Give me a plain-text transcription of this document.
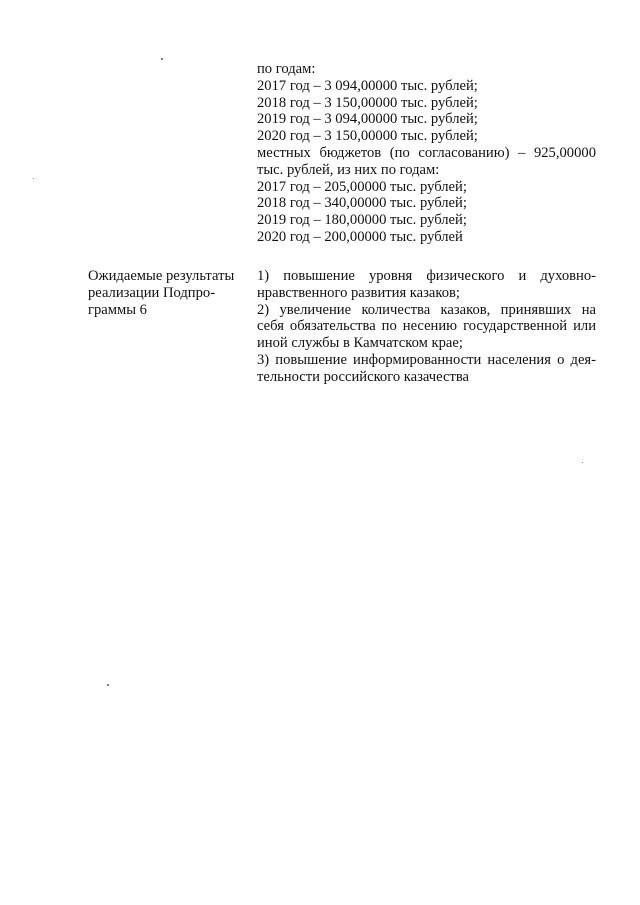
по годам:
2017 год – 3 094,00000 тыс. рублей;
2018 год – 3 150,00000 тыс. рублей;
2019 год – 3 094,00000 тыс. рублей;
2020 год – 3 150,00000 тыс. рублей;
местных бюджетов (по согласованию) – 925,00000
тыс. рублей, из них по годам:
2017 год – 205,00000 тыс. рублей;
2018 год – 340,00000 тыс. рублей;
2019 год – 180,00000 тыс. рублей;
2020 год – 200,00000 тыс. рублей
Ожидаемые результаты
реализации Подпро-
граммы 6
1) повышение уровня физического и духовно-
нравственного развития казаков;
2) увеличение количества казаков, принявших на
себя обязательства по несению государственной или
иной службы в Камчатском крае;
3) повышение информированности населения о дея-
тельности российского казачества
